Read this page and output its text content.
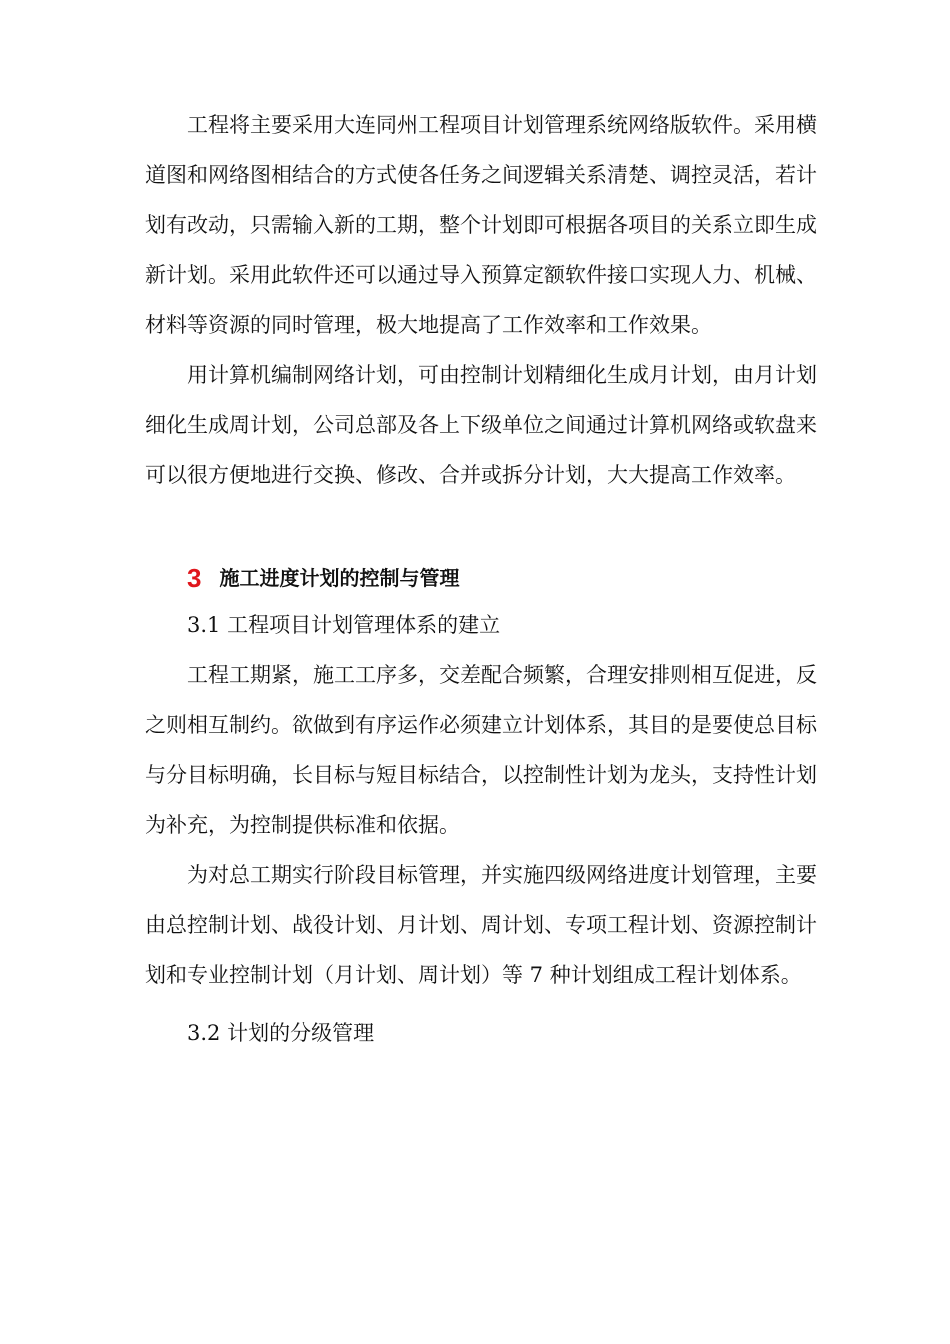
工程将主要采用大连同州工程项目计划管理系统网络版软件。采用横道图和网络图相结合的方式使各任务之间逻辑关系清楚、调控灵活，若计划有改动，只需输入新的工期，整个计划即可根据各项目的关系立即生成新计划。采用此软件还可以通过导入预算定额软件接口实现人力、机械、材料等资源的同时管理，极大地提高了工作效率和工作效果。

用计算机编制网络计划，可由控制计划精细化生成月计划，由月计划细化生成周计划，公司总部及各上下级单位之间通过计算机网络或软盘来可以很方便地进行交换、修改、合并或拆分计划，大大提高工作效率。

3 施工进度计划的控制与管理
3.1 工程项目计划管理体系的建立

工程工期紧，施工工序多，交差配合频繁，合理安排则相互促进，反之则相互制约。欲做到有序运作必须建立计划体系，其目的是要使总目标与分目标明确，长目标与短目标结合，以控制性计划为龙头，支持性计划为补充，为控制提供标准和依据。

为对总工期实行阶段目标管理，并实施四级网络进度计划管理，主要由总控制计划、战役计划、月计划、周计划、专项工程计划、资源控制计划和专业控制计划（月计划、周计划）等 7 种计划组成工程计划体系。

3.2 计划的分级管理
